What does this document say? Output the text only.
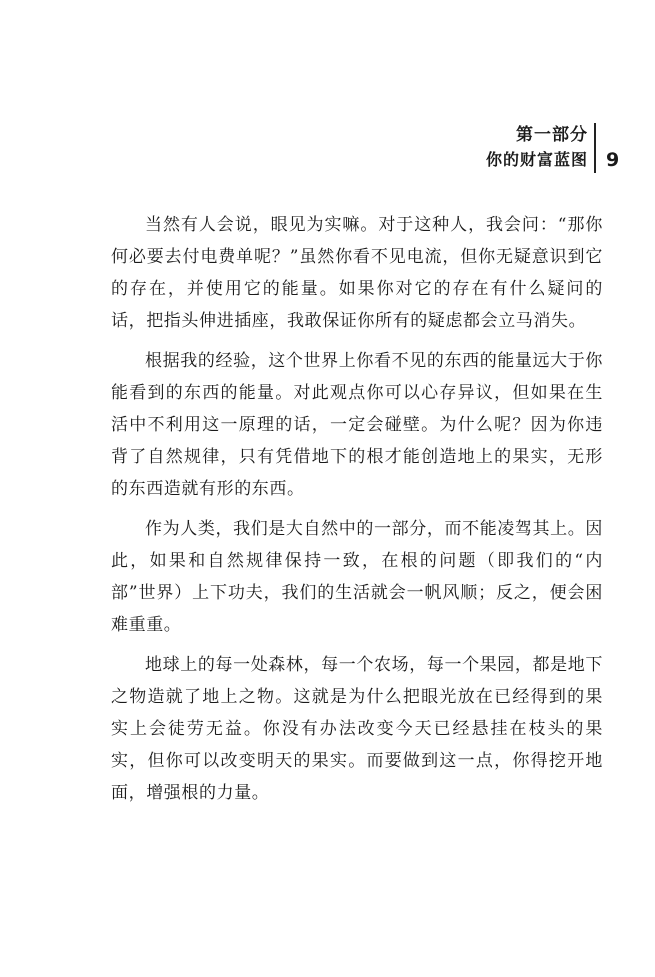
第一部分
你的财富蓝图 9

当然有人会说，眼见为实嘛。对于这种人，我会问：“那你何必要去付电费单呢？”虽然你看不见电流，但你无疑意识到它的存在，并使用它的能量。如果你对它的存在有什么疑问的话，把指头伸进插座，我敢保证你所有的疑虑都会立马消失。

根据我的经验，这个世界上你看不见的东西的能量远大于你能看到的东西的能量。对此观点你可以心存异议，但如果在生活中不利用这一原理的话，一定会碰壁。为什么呢？因为你违背了自然规律，只有凭借地下的根才能创造地上的果实，无形的东西造就有形的东西。

作为人类，我们是大自然中的一部分，而不能凌驾其上。因此，如果和自然规律保持一致，在根的问题（即我们的“内部”世界）上下功夫，我们的生活就会一帆风顺；反之，便会困难重重。

地球上的每一处森林，每一个农场，每一个果园，都是地下之物造就了地上之物。这就是为什么把眼光放在已经得到的果实上会徒劳无益。你没有办法改变今天已经悬挂在枝头的果实，但你可以改变明天的果实。而要做到这一点，你得挖开地面，增强根的力量。
